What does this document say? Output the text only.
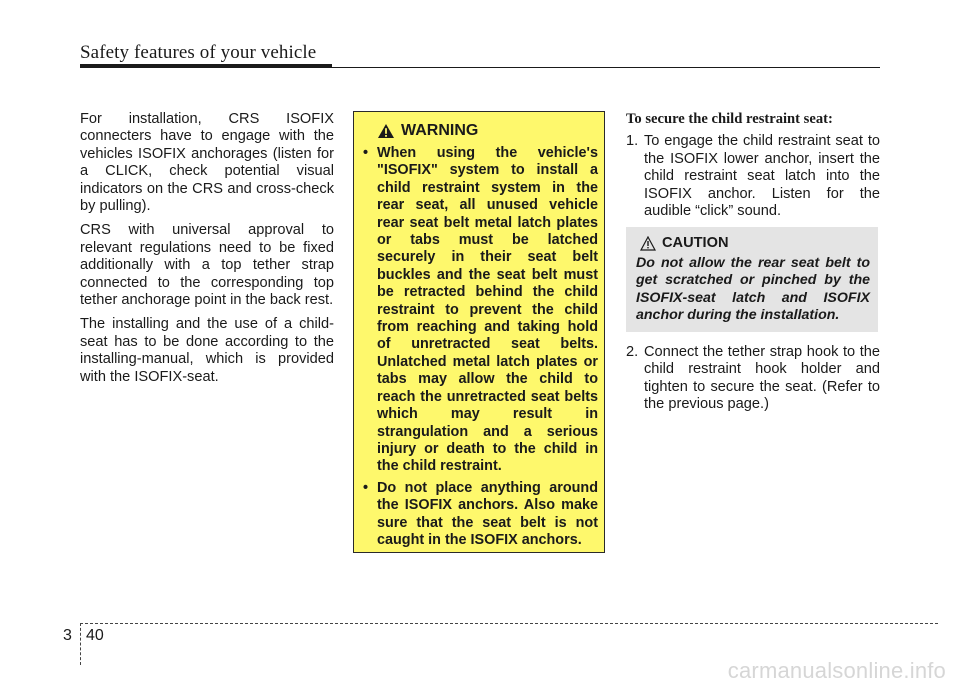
Safety features of your vehicle

For installation, CRS ISOFIX connecters have to engage with the vehicles ISOFIX anchorages (listen for a CLICK, check potential visual indicators on the CRS and cross-check by pulling).

CRS with universal approval to relevant regulations need to be fixed additionally with a top tether strap connected to the corresponding top tether anchorage point in the back rest.

The installing and the use of a child-seat has to be done according to the installing-manual, which is provided with the ISOFIX-seat.

WARNING
• When using the vehicle's "ISOFIX" system to install a child restraint system in the rear seat, all unused vehicle rear seat belt metal latch plates or tabs must be latched securely in their seat belt buckles and the seat belt must be retracted behind the child restraint to prevent the child from reaching and taking hold of unretracted seat belts. Unlatched metal latch plates or tabs may allow the child to reach the unretracted seat belts which may result in strangulation and a serious injury or death to the child in the child restraint.
• Do not place anything around the ISOFIX anchors. Also make sure that the seat belt is not caught in the ISOFIX anchors.

To secure the child restraint seat:

1. To engage the child restraint seat to the ISOFIX lower anchor, insert the child restraint seat latch into the ISOFIX anchor. Listen for the audible “click” sound.

CAUTION

Do not allow the rear seat belt to get scratched or pinched by the ISOFIX-seat latch and ISOFIX anchor during the installation.

2. Connect the tether strap hook to the child restraint hook holder and tighten to secure the seat. (Refer to the previous page.)

3 40
carmanualsonline.info
